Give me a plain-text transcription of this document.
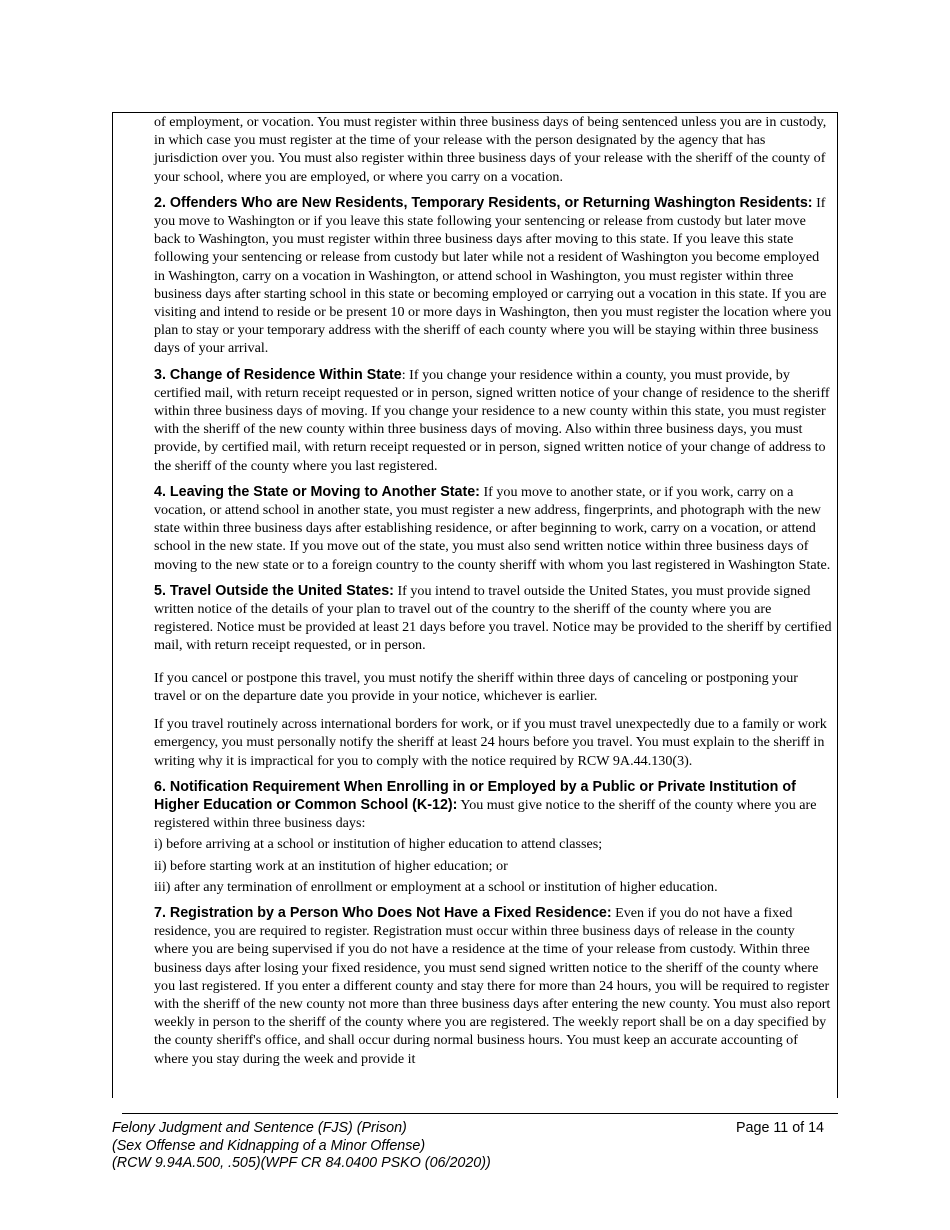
of employment, or vocation. You must register within three business days of being sentenced unless you are in custody, in which case you must register at the time of your release with the person designated by the agency that has jurisdiction over you. You must also register within three business days of your release with the sheriff of the county of your school, where you are employed, or where you carry on a vocation.

2. Offenders Who are New Residents, Temporary Residents, or Returning Washington Residents: If you move to Washington or if you leave this state following your sentencing or release from custody but later move back to Washington, you must register within three business days after moving to this state. If you leave this state following your sentencing or release from custody but later while not a resident of Washington you become employed in Washington, carry on a vocation in Washington, or attend school in Washington, you must register within three business days after starting school in this state or becoming employed or carrying out a vocation in this state. If you are visiting and intend to reside or be present 10 or more days in Washington, then you must register the location where you plan to stay or your temporary address with the sheriff of each county where you will be staying within three business days of your arrival.

3. Change of Residence Within State: If you change your residence within a county, you must provide, by certified mail, with return receipt requested or in person, signed written notice of your change of residence to the sheriff within three business days of moving. If you change your residence to a new county within this state, you must register with the sheriff of the new county within three business days of moving. Also within three business days, you must provide, by certified mail, with return receipt requested or in person, signed written notice of your change of address to the sheriff of the county where you last registered.

4. Leaving the State or Moving to Another State: If you move to another state, or if you work, carry on a vocation, or attend school in another state, you must register a new address, fingerprints, and photograph with the new state within three business days after establishing residence, or after beginning to work, carry on a vocation, or attend school in the new state. If you move out of the state, you must also send written notice within three business days of moving to the new state or to a foreign country to the county sheriff with whom you last registered in Washington State.

5. Travel Outside the United States: If you intend to travel outside the United States, you must provide signed written notice of the details of your plan to travel out of the country to the sheriff of the county where you are registered. Notice must be provided at least 21 days before you travel. Notice may be provided to the sheriff by certified mail, with return receipt requested, or in person.

If you cancel or postpone this travel, you must notify the sheriff within three days of canceling or postponing your travel or on the departure date you provide in your notice, whichever is earlier.

If you travel routinely across international borders for work, or if you must travel unexpectedly due to a family or work emergency, you must personally notify the sheriff at least 24 hours before you travel. You must explain to the sheriff in writing why it is impractical for you to comply with the notice required by RCW 9A.44.130(3).

6. Notification Requirement When Enrolling in or Employed by a Public or Private Institution of Higher Education or Common School (K-12): You must give notice to the sheriff of the county where you are registered within three business days:

i) before arriving at a school or institution of higher education to attend classes;

ii) before starting work at an institution of higher education; or

iii) after any termination of enrollment or employment at a school or institution of higher education.

7. Registration by a Person Who Does Not Have a Fixed Residence: Even if you do not have a fixed residence, you are required to register. Registration must occur within three business days of release in the county where you are being supervised if you do not have a residence at the time of your release from custody. Within three business days after losing your fixed residence, you must send signed written notice to the sheriff of the county where you last registered. If you enter a different county and stay there for more than 24 hours, you will be required to register with the sheriff of the new county not more than three business days after entering the new county. You must also report weekly in person to the sheriff of the county where you are registered. The weekly report shall be on a day specified by the county sheriff's office, and shall occur during normal business hours. You must keep an accurate accounting of where you stay during the week and provide it

Felony Judgment and Sentence (FJS) (Prison)
(Sex Offense and Kidnapping of a Minor Offense)
(RCW 9.94A.500, .505)(WPF CR 84.0400 PSKO (06/2020))
Page 11 of 14
